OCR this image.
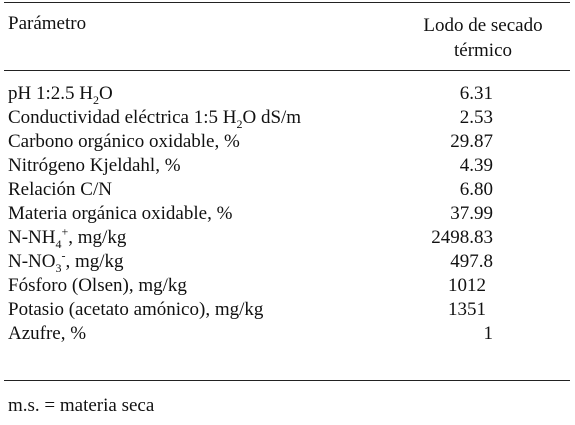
Parámetro	Lodo de secado
térmico
pH 1:2.5 $H_2O$	6.31
Conductividad eléctrica 1:5 $H_2O$ dS/m	2.53
Carbono orgánico oxidable, %	29.87
Nitrógeno Kjeldahl, %	4.39
Relación C/N	6.80
Materia orgánica oxidable, %	37.99
$N-NH_4^+$, mg/kg	2498.83
$N-NO_3^-$, mg/kg	497.8
Fósforo (Olsen), mg/kg	1012
Potasio (acetato amónico), mg/kg	1351
Azufre, %	1
m.s. = materia seca
